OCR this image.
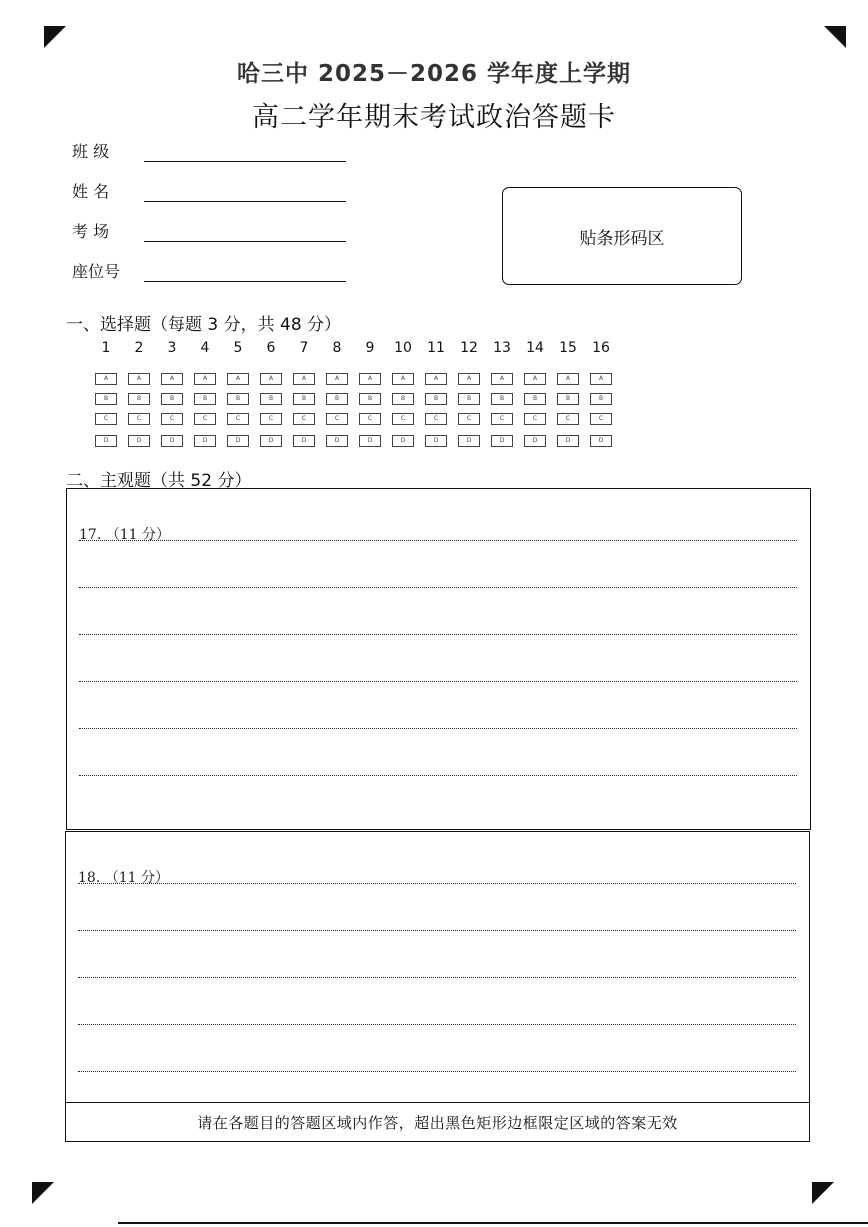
哈三中 2025－2026 学年度上学期
高二学年期末考试政治答题卡
班 级
姓 名
考 场
座位号
贴条形码区
一、选择题（每题 3 分，共 48 分）
1	2	3	4	5	6	7	8	9	10	11	12	13	14	15	16
A	A	A	A	A	A	A	A	A	A	A	A	A	A	A	A
B	B	B	B	B	B	B	B	B	B	B	B	B	B	B	B
C	C	C	C	C	C	C	C	C	C	C	C	C	C	C	C
D	D	D	D	D	D	D	D	D	D	D	D	D	D	D	D
二、主观题（共 52 分）
17. （11 分）
18. （11 分）
请在各题目的答题区域内作答，超出黑色矩形边框限定区域的答案无效
